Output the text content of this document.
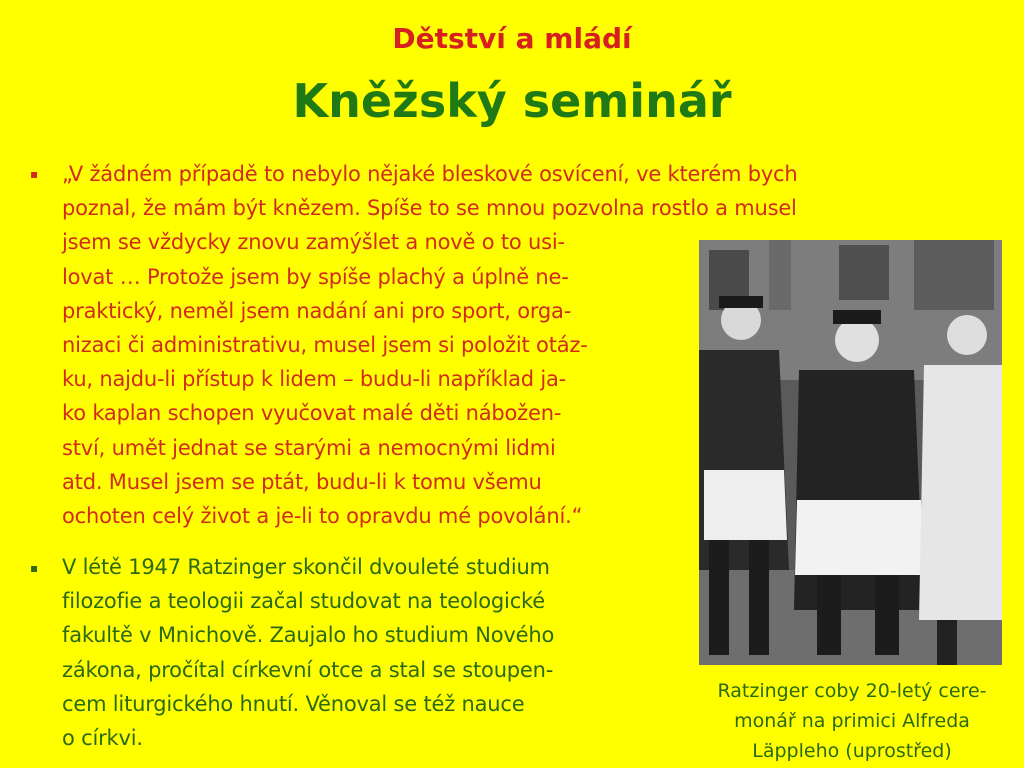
Dětství a mládí
Kněžský seminář
▪ „V žádném případě to nebylo nějaké bleskové osvícení, ve kterém bych
poznal, že mám být knězem. Spíše to se mnou pozvolna rostlo a musel
jsem se vždycky znovu zamýšlet a nově o to usi-
lovat … Protože jsem by spíše plachý a úplně ne-
praktický, neměl jsem nadání ani pro sport, orga-
nizaci či administrativu, musel jsem si položit otáz-
ku, najdu-li přístup k lidem – budu-li například ja-
ko kaplan schopen vyučovat malé děti nábožen-
ství, umět jednat se starými a nemocnými lidmi
atd. Musel jsem se ptát, budu-li k tomu všemu
ochoten celý život a je-li to opravdu mé povolání.“
▪ V létě 1947 Ratzinger skončil dvouleté studium
filozofie a teologii začal studovat na teologické
fakultě v Mnichově. Zaujalo ho studium Nového
zákona, pročítal církevní otce a stal se stoupen-
cem liturgického hnutí. Věnoval se též nauce
o církvi.
Ratzinger coby 20-letý cere-
monář na primici Alfreda
Läppleho (uprostřed)
